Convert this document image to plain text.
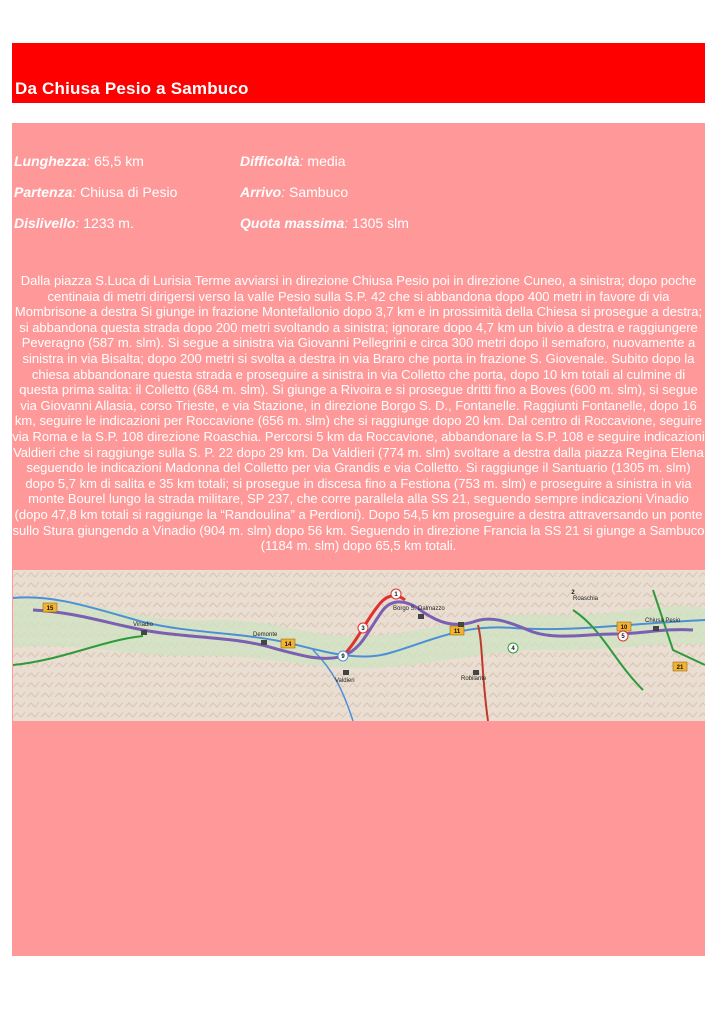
Da Chiusa Pesio a Sambuco
Lunghezza: 65,5 km	Difficoltà: media
Partenza: Chiusa di Pesio	Arrivo: Sambuco
Dislivello: 1233 m.	Quota massima: 1305 slm
Dalla piazza S.Luca di Lurisia Terme avviarsi in direzione Chiusa Pesio poi in direzione Cuneo, a sinistra; dopo poche centinaia di metri dirigersi verso la valle Pesio sulla S.P. 42 che si abbandona dopo 400 metri in favore di via Mombrisone a destra Si giunge in frazione Montefallonio dopo 3,7 km e in prossimità della Chiesa si prosegue a destra; si abbandona questa strada dopo 200 metri svoltando a sinistra; ignorare dopo 4,7 km un bivio a destra e raggiungere Peveragno (587 m. slm). Si segue a sinistra via Giovanni Pellegrini e circa 300 metri dopo il semaforo, nuovamente a sinistra in via Bisalta; dopo 200 metri si svolta a destra in via Braro che porta in frazione S. Giovenale. Subito dopo la chiesa abbandonare questa strada e proseguire a sinistra in via Colletto che porta, dopo 10 km totali al culmine di questa prima salita: il Colletto (684 m. slm). Si giunge a Rivoira e si prosegue dritti fino a Boves (600 m. slm), si segue via Giovanni Allasia, corso Trieste, e via Stazione, in direzione Borgo S. D., Fontanelle. Raggiunti Fontanelle, dopo 16 km, seguire le indicazioni per Roccavione (656 m. slm) che si raggiunge dopo 20 km. Dal centro di Roccavione, seguire via Roma e la S.P. 108 direzione Roaschia. Percorsi 5 km da Roccavione, abbandonare la S.P. 108 e seguire indicazioni Valdieri che si raggiunge sulla S. P. 22 dopo 29 km. Da Valdieri (774 m. slm) svoltare a destra dalla piazza Regina Elena seguendo le indicazioni Madonna del Colletto per via Grandis e via Colletto. Si raggiunge il Santuario (1305 m. slm) dopo 5,7 km di salita e 35 km totali; si prosegue in discesa fino a Festiona (753 m. slm) e proseguire a sinistra in via monte Bourel lungo la strada militare, SP 237, che corre parallela alla SS 21, seguendo sempre indicazioni Vinadio (dopo 47,8 km totali si raggiunge la “Randoulina” a Perdioni). Dopo 54,5 km proseguire a destra attraversando un ponte sullo Stura giungendo a Vinadio (904 m. slm) dopo 56 km. Seguendo in direzione Francia la SS 21 si giunge a Sambuco (1184 m. slm) dopo 65,5 km totali.
Vinadio
Demonte
Borgo S. Dalmazzo
Valdieri	Robilante
Chiusa Pesio
Roaschia
15
14
11
10
21
9
1
3
4
5
2
